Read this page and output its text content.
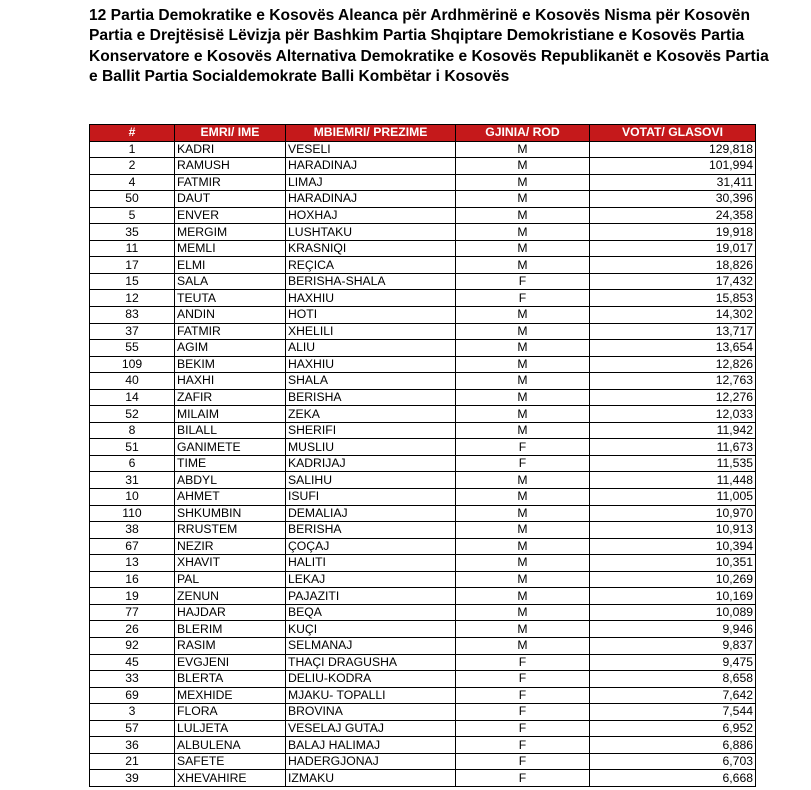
12 Partia Demokratike e Kosovës Aleanca për Ardhmërinë e Kosovës Nisma për Kosovën Partia e Drejtësisë Lëvizja për Bashkim Partia Shqiptare Demokristiane e Kosovës Partia Konservatore e Kosovës Alternativa Demokratike e Kosovës Republikanët e Kosovës Partia e Ballit Partia Socialdemokrate Balli Kombëtar i Kosovës
#	EMRI/ IME	MBIEMRI/ PREZIME	GJINIA/ ROD	VOTAT/ GLASOVI
1	KADRI	VESELI	M	129,818
2	RAMUSH	HARADINAJ	M	101,994
4	FATMIR	LIMAJ	M	31,411
50	DAUT	HARADINAJ	M	30,396
5	ENVER	HOXHAJ	M	24,358
35	MERGIM	LUSHTAKU	M	19,918
11	MEMLI	KRASNIQI	M	19,017
17	ELMI	REÇICA	M	18,826
15	SALA	BERISHA-SHALA	F	17,432
12	TEUTA	HAXHIU	F	15,853
83	ANDIN	HOTI	M	14,302
37	FATMIR	XHELILI	M	13,717
55	AGIM	ALIU	M	13,654
109	BEKIM	HAXHIU	M	12,826
40	HAXHI	SHALA	M	12,763
14	ZAFIR	BERISHA	M	12,276
52	MILAIM	ZEKA	M	12,033
8	BILALL	SHERIFI	M	11,942
51	GANIMETE	MUSLIU	F	11,673
6	TIME	KADRIJAJ	F	11,535
31	ABDYL	SALIHU	M	11,448
10	AHMET	ISUFI	M	11,005
110	SHKUMBIN	DEMALIAJ	M	10,970
38	RRUSTEM	BERISHA	M	10,913
67	NEZIR	ÇOÇAJ	M	10,394
13	XHAVIT	HALITI	M	10,351
16	PAL	LEKAJ	M	10,269
19	ZENUN	PAJAZITI	M	10,169
77	HAJDAR	BEQA	M	10,089
26	BLERIM	KUÇI	M	9,946
92	RASIM	SELMANAJ	M	9,837
45	EVGJENI	THAÇI DRAGUSHA	F	9,475
33	BLERTA	DELIU-KODRA	F	8,658
69	MEXHIDE	MJAKU- TOPALLI	F	7,642
3	FLORA	BROVINA	F	7,544
57	LULJETA	VESELAJ GUTAJ	F	6,952
36	ALBULENA	BALAJ HALIMAJ	F	6,886
21	SAFETE	HADERGJONAJ	F	6,703
39	XHEVAHIRE	IZMAKU	F	6,668
